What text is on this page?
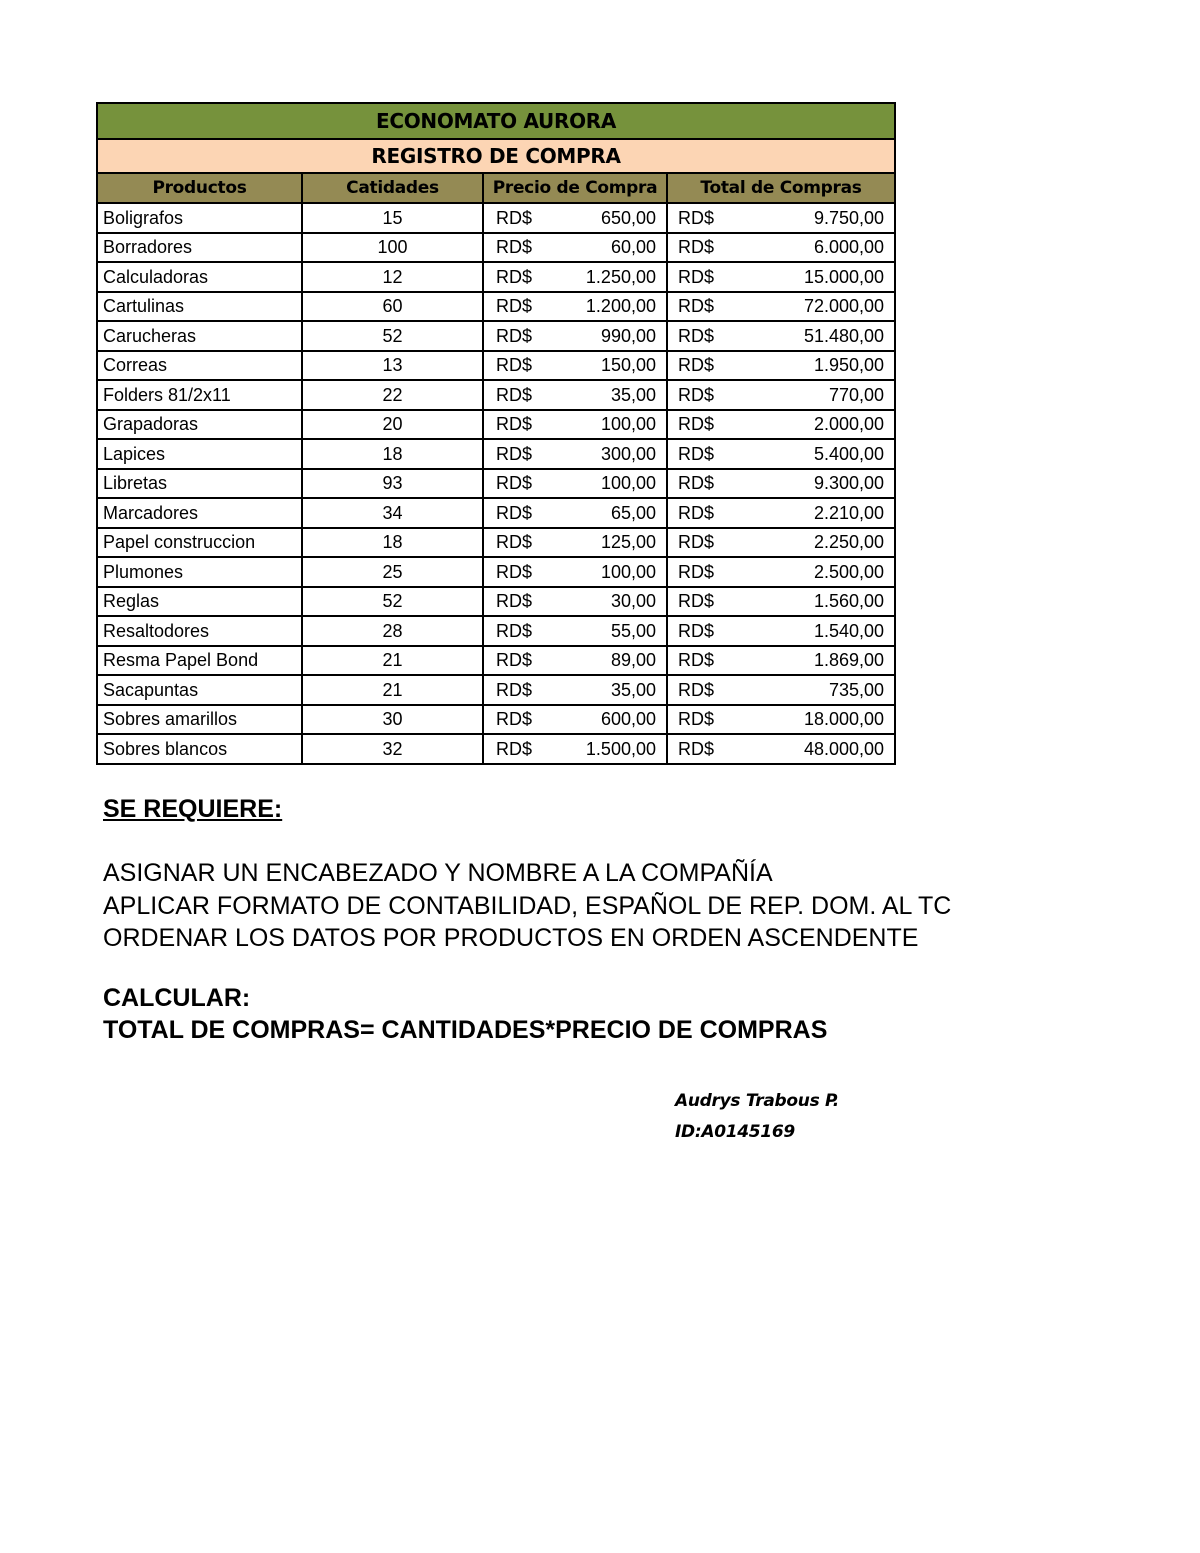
ECONOMATO AURORA			
REGISTRO DE COMPRA			
Productos	Catidades	Precio de Compra	Total de Compras
Boligrafos	15	RD$ 650,00	RD$ 9.750,00

Borradores	100	RD$ 60,00	RD$ 6.000,00

Calculadoras	12	RD$ 1.250,00	RD$ 15.000,00

Cartulinas	60	RD$ 1.200,00	RD$ 72.000,00

Carucheras	52	RD$ 990,00	RD$ 51.480,00

Correas	13	RD$ 150,00	RD$ 1.950,00

Folders 81/2x11	22	RD$ 35,00	RD$ 770,00

Grapadoras	20	RD$ 100,00	RD$ 2.000,00

Lapices	18	RD$ 300,00	RD$ 5.400,00

Libretas	93	RD$ 100,00	RD$ 9.300,00

Marcadores	34	RD$ 65,00	RD$ 2.210,00

Papel construccion	18	RD$ 125,00	RD$ 2.250,00

Plumones	25	RD$ 100,00	RD$ 2.500,00

Reglas	52	RD$ 30,00	RD$ 1.560,00

Resaltodores	28	RD$ 55,00	RD$ 1.540,00

Resma Papel Bond	21	RD$ 89,00	RD$ 1.869,00

Sacapuntas	21	RD$ 35,00	RD$ 735,00

Sobres amarillos	30	RD$ 600,00	RD$ 18.000,00

Sobres blancos	32	RD$ 1.500,00	RD$ 48.000,00
SE REQUIERE:
ASIGNAR UN ENCABEZADO Y NOMBRE A LA COMPAÑÍA
APLICAR FORMATO DE CONTABILIDAD, ESPAÑOL DE REP. DOM. AL TC
ORDENAR LOS DATOS POR PRODUCTOS EN ORDEN ASCENDENTE
CALCULAR:
TOTAL DE COMPRAS= CANTIDADES*PRECIO DE COMPRAS
Audrys Trabous P.
ID:A0145169
